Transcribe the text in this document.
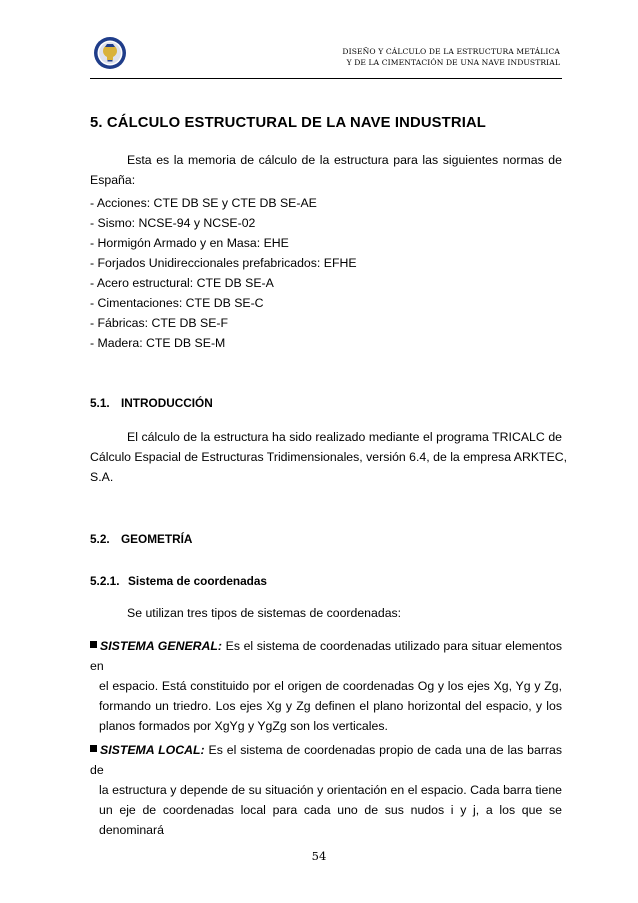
DISEÑO Y CÁLCULO DE LA ESTRUCTURA METÁLICA
Y DE LA CIMENTACIÓN DE UNA NAVE INDUSTRIAL
5. CÁLCULO ESTRUCTURAL DE LA NAVE INDUSTRIAL
Esta es la memoria de cálculo de la estructura para las siguientes normas de
España:
- Acciones: CTE DB SE y CTE DB SE-AE
- Sismo: NCSE-94 y NCSE-02
- Hormigón Armado y en Masa: EHE
- Forjados Unidireccionales prefabricados: EFHE
- Acero estructural: CTE DB SE-A
- Cimentaciones: CTE DB SE-C
- Fábricas: CTE DB SE-F
- Madera: CTE DB SE-M
5.1. INTRODUCCIÓN
El cálculo de la estructura ha sido realizado mediante el programa TRICALC de
Cálculo Espacial de Estructuras Tridimensionales, versión 6.4, de la empresa ARKTEC,
S.A.
5.2. GEOMETRÍA
5.2.1. Sistema de coordenadas
Se utilizan tres tipos de sistemas de coordenadas:
SISTEMA GENERAL: Es el sistema de coordenadas utilizado para situar elementos en
el espacio. Está constituido por el origen de coordenadas Og y los ejes Xg, Yg y Zg,
formando un triedro. Los ejes Xg y Zg definen el plano horizontal del espacio, y los
planos formados por XgYg y YgZg son los verticales.
SISTEMA LOCAL: Es el sistema de coordenadas propio de cada una de las barras de
la estructura y depende de su situación y orientación en el espacio. Cada barra tiene
un eje de coordenadas local para cada uno de sus nudos i y j, a los que se denominará
54
